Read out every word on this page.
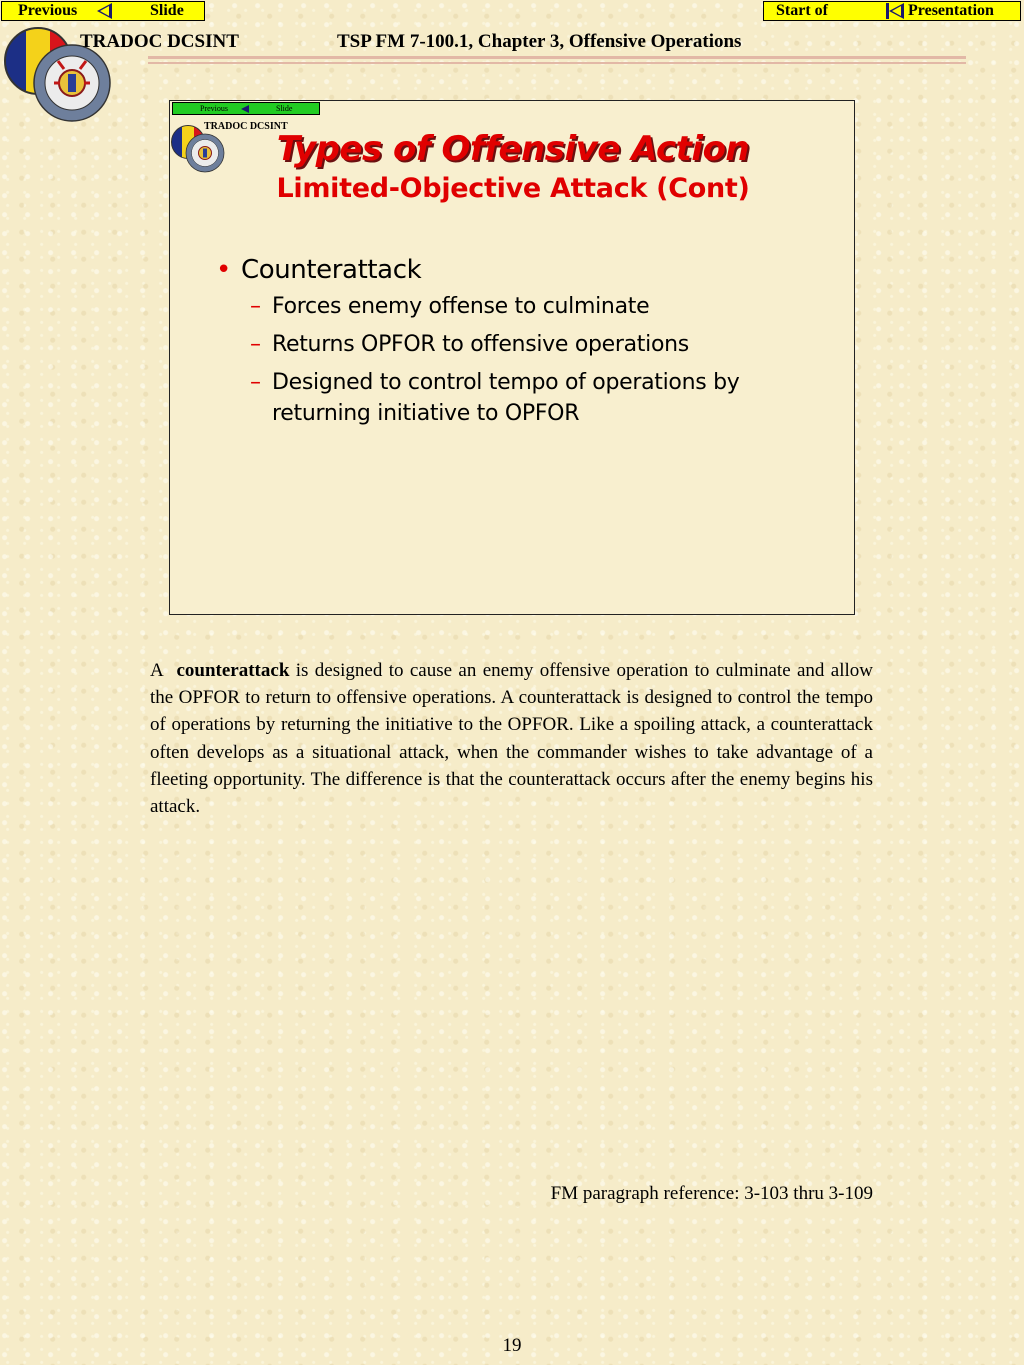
Previous	Slide	Start of	Presentation
TRADOC DCSINT	TSP FM 7-100.1, Chapter 3, Offensive Operations
Previous	Slide
TRADOC DCSINT
Types of Offensive Action
Limited-Objective Attack (Cont)
• Counterattack
– Forces enemy offense to culminate
– Returns OPFOR to offensive operations
– Designed to control tempo of operations by returning initiative to OPFOR
A counterattack is designed to cause an enemy offensive operation to culminate and allow the OPFOR to return to offensive operations. A counterattack is designed to control the tempo of operations by returning the initiative to the OPFOR. Like a spoiling attack, a counterattack often develops as a situational attack, when the commander wishes to take advantage of a fleeting opportunity. The difference is that the counterattack occurs after the enemy begins his attack.
FM paragraph reference: 3-103 thru 3-109
19
